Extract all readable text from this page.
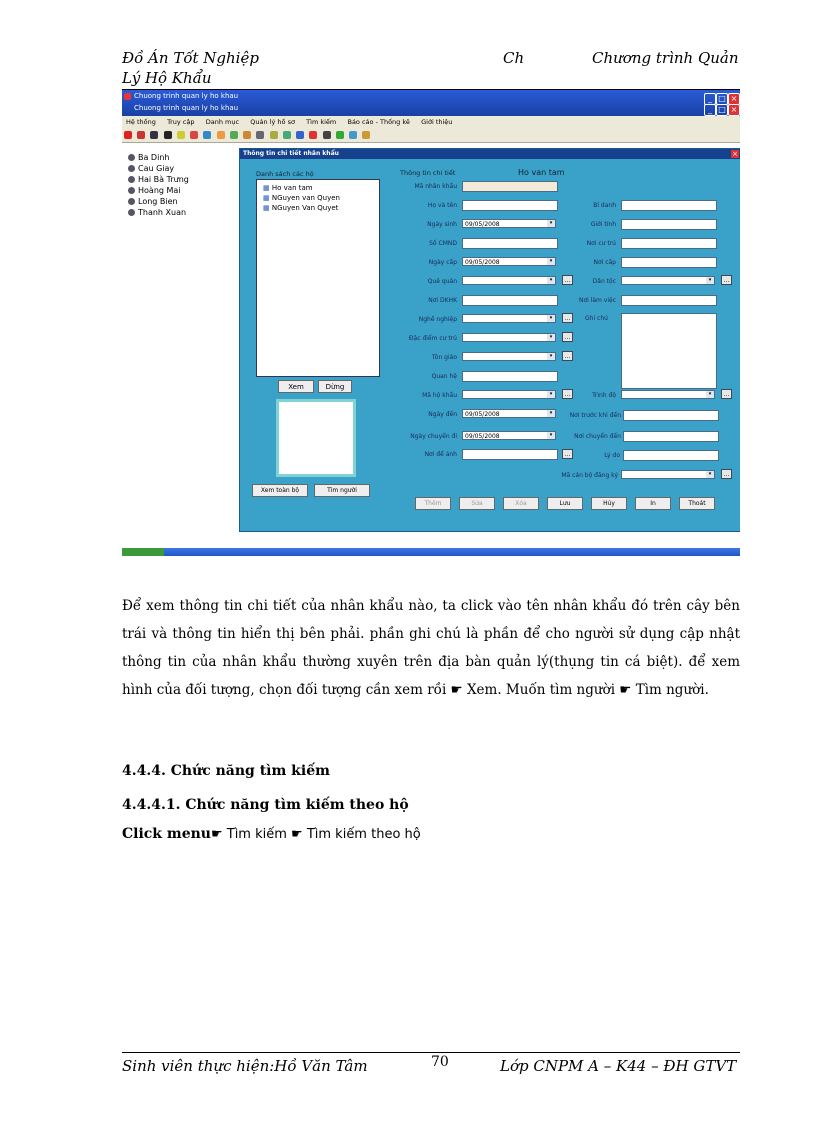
Đồ Án Tốt Nghiệp	Ch	Chương trình Quản
Lý Hộ Khẩu
Chuong trinh quan ly ho khau
Chuong trinh quan ly ho khau
_ □ ×
_ □ ×
Hệ thống Truy cập Danh mục Quản lý hồ sơ Tìm kiếm Báo cáo - Thống kê Giới thiệu

Ba Dinh
Cau Giay
Hai Bà Trưng
Hoàng Mai
Long Bien
Thanh Xuan
Thông tin chi tiết nhân khẩu	×
Danh sách các hộ
▦ Ho van tam
▦ NGuyen van Quyen
▦ NGuyen Van Quyet
Xem	Dừng
Xem toàn bộ	Tìm người
Thông tin chi tiết	Ho van tam
Mã nhân khẩu
Họ và tên
Ngày sinh	09/05/2008	▾
Số CMND
Ngày cấp	09/05/2008	▾
Quê quán	▾	…
Nơi DKHK
Nghề nghiệp	▾	…
Đặc điểm cư trú	▾	…
Tôn giáo	▾	…
Quan hệ
Mã hộ khẩu	▾	…
Ngày đến	09/05/2008	▾
Ngày chuyển đi	09/05/2008	▾
Nơi để ảnh	…
Bí danh
Giới tính
Nơi cư trú
Nơi cấp
Dân tộc	▾	…
Nơi làm việc
Ghi chú
Trình độ	▾	…
Nơi trước khi đến
Nơi chuyển đến
Lý do
Mã cán bộ đăng ký	▾	…
Thêm	Sửa	Xóa	Lưu	Hủy	In	Thoát
Để xem thông tin chi tiết của nhân khẩu nào, ta click vào tên nhân khẩu đó trên cây bên trái và thông tin hiển thị bên phải. phần ghi chú là phần để cho người sử dụng cập nhật thông tin của nhân khẩu thường xuyên trên địa bàn quản lý(thụng tin cá biệt). để xem hình của đối tượng, chọn đối tượng cần xem rồi ☛ Xem. Muốn tìm người ☛ Tìm người.
4.4.4. Chức năng tìm kiếm
4.4.4.1. Chức năng tìm kiếm theo hộ
Click menu☛ Tìm kiếm ☛ Tìm kiếm theo hộ
Sinh viên thực hiện:Hồ Văn Tâm	70	Lớp CNPM A – K44 – ĐH GTVT
